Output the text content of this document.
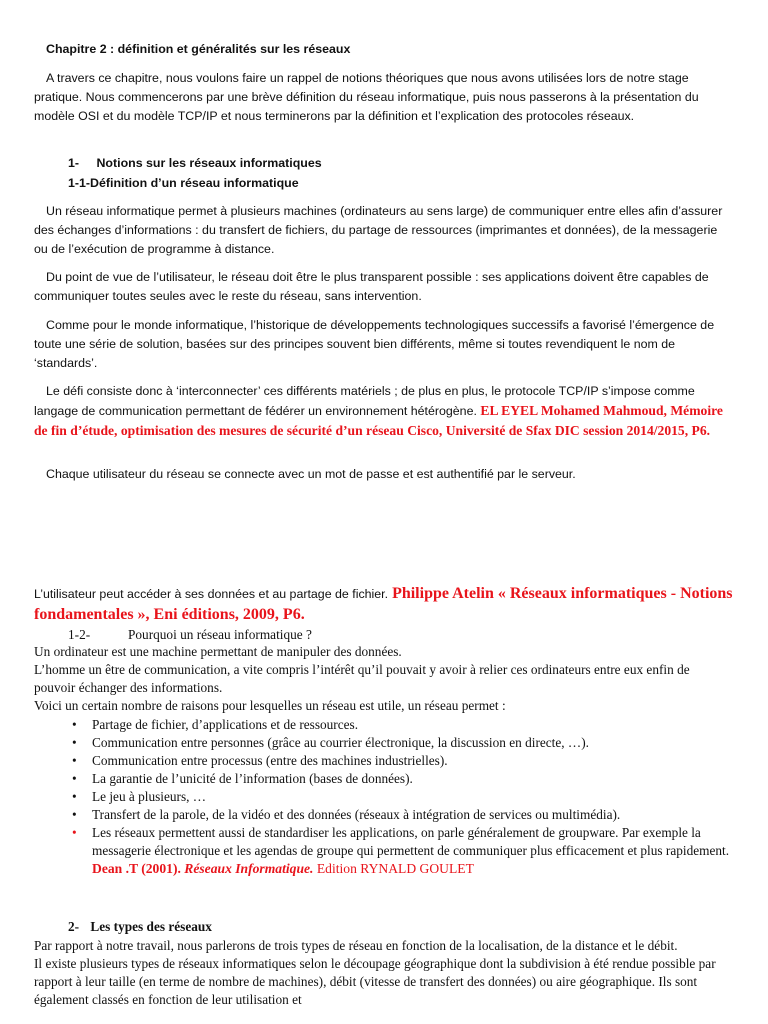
Chapitre 2 : définition et généralités sur les réseaux

A travers ce chapitre, nous voulons faire un rappel de notions théoriques que nous avons utilisées lors de notre stage pratique. Nous commencerons par une brève définition du réseau informatique, puis nous passerons à la présentation du modèle OSI et du modèle TCP/IP et nous terminerons par la définition et l’explication des protocoles réseaux.

1- Notions sur les réseaux informatiques
1-1-Définition d’un réseau informatique

Un réseau informatique permet à plusieurs machines (ordinateurs au sens large) de communiquer entre elles afin d’assurer des échanges d’informations : du transfert de fichiers, du partage de ressources (imprimantes et données), de la messagerie ou de l’exécution de programme à distance.

Du point de vue de l’utilisateur, le réseau doit être le plus transparent possible : ses applications doivent être capables de communiquer toutes seules avec le reste du réseau, sans intervention.

Comme pour le monde informatique, l’historique de développements technologiques successifs a favorisé l’émergence de toute une série de solution, basées sur des principes souvent bien différents, même si toutes revendiquent le nom de ‘standards’.

Le défi consiste donc à ‘interconnecter’ ces différents matériels ; de plus en plus, le protocole TCP/IP s’impose comme langage de communication permettant de fédérer un environnement hétérogène. EL EYEL Mohamed Mahmoud, Mémoire de fin d’étude, optimisation des mesures de sécurité d’un réseau Cisco, Université de Sfax DIC session 2014/2015, P6.

Chaque utilisateur du réseau se connecte avec un mot de passe et est authentifié par le serveur.

L’utilisateur peut accéder à ses données et au partage de fichier. Philippe Atelin « Réseaux informatiques - Notions fondamentales », Eni éditions, 2009, P6.

1-2-	Pourquoi un réseau informatique ?
Un ordinateur est une machine permettant de manipuler des données.
L’homme un être de communication, a vite compris l’intérêt qu’il pouvait y avoir à relier ces ordinateurs entre eux enfin de pouvoir échanger des informations.
Voici un certain nombre de raisons pour lesquelles un réseau est utile, un réseau permet :
• Partage de fichier, d’applications et de ressources.
• Communication entre personnes (grâce au courrier électronique, la discussion en directe, …).
• Communication entre processus (entre des machines industrielles).
• La garantie de l’unicité de l’information (bases de données).
• Le jeu à plusieurs, …
• Transfert de la parole, de la vidéo et des données (réseaux à intégration de services ou multimédia).
• Les réseaux permettent aussi de standardiser les applications, on parle généralement de groupware. Par exemple la messagerie électronique et les agendas de groupe qui permettent de communiquer plus efficacement et plus rapidement. Dean .T (2001). Réseaux Informatique. Edition RYNALD GOULET
2- Les types des réseaux
Par rapport à notre travail, nous parlerons de trois types de réseau en fonction de la localisation, de la distance et le débit.
Il existe plusieurs types de réseaux informatiques selon le découpage géographique dont la subdivision à été rendue possible par rapport à leur taille (en terme de nombre de machines), débit (vitesse de transfert des données) ou aire géographique. Ils sont également classés en fonction de leur utilisation et
